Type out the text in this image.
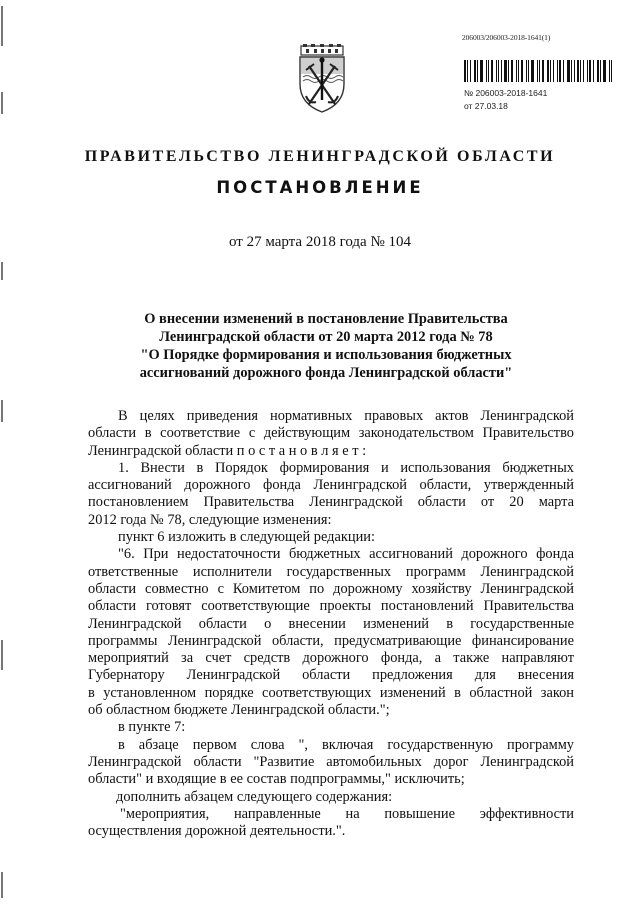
206003/206003-2018-1641(1)
№ 206003-2018-1641
от 27.03.18
ПРАВИТЕЛЬСТВО ЛЕНИНГРАДСКОЙ ОБЛАСТИ
ПОСТАНОВЛЕНИЕ
от 27 марта 2018 года № 104
О внесении изменений в постановление Правительства
Ленинградской области от 20 марта 2012 года № 78
"О Порядке формирования и использования бюджетных
ассигнований дорожного фонда Ленинградской области"
В целях приведения нормативных правовых актов Ленинградской
области в соответствие с действующим законодательством Правительство
Ленинградской области п о с т а н о в л я е т :
1. Внести в Порядок формирования и использования бюджетных
ассигнований дорожного фонда Ленинградской области, утвержденный
постановлением Правительства Ленинградской области от 20 марта
2012 года № 78, следующие изменения:
пункт 6 изложить в следующей редакции:
"6. При недостаточности бюджетных ассигнований дорожного фонда
ответственные исполнители государственных программ Ленинградской
области совместно с Комитетом по дорожному хозяйству Ленинградской
области готовят соответствующие проекты постановлений Правительства
Ленинградской области о внесении изменений в государственные
программы Ленинградской области, предусматривающие финансирование
мероприятий за счет средств дорожного фонда, а также направляют
Губернатору Ленинградской области предложения для внесения
в установленном порядке соответствующих изменений в областной закон
об областном бюджете Ленинградской области.";
в пункте 7:
в абзаце первом слова ", включая государственную программу
Ленинградской области "Развитие автомобильных дорог Ленинградской
области" и входящие в ее состав подпрограммы," исключить;
дополнить абзацем следующего содержания:
"мероприятия, направленные на повышение эффективности
осуществления дорожной деятельности.".
